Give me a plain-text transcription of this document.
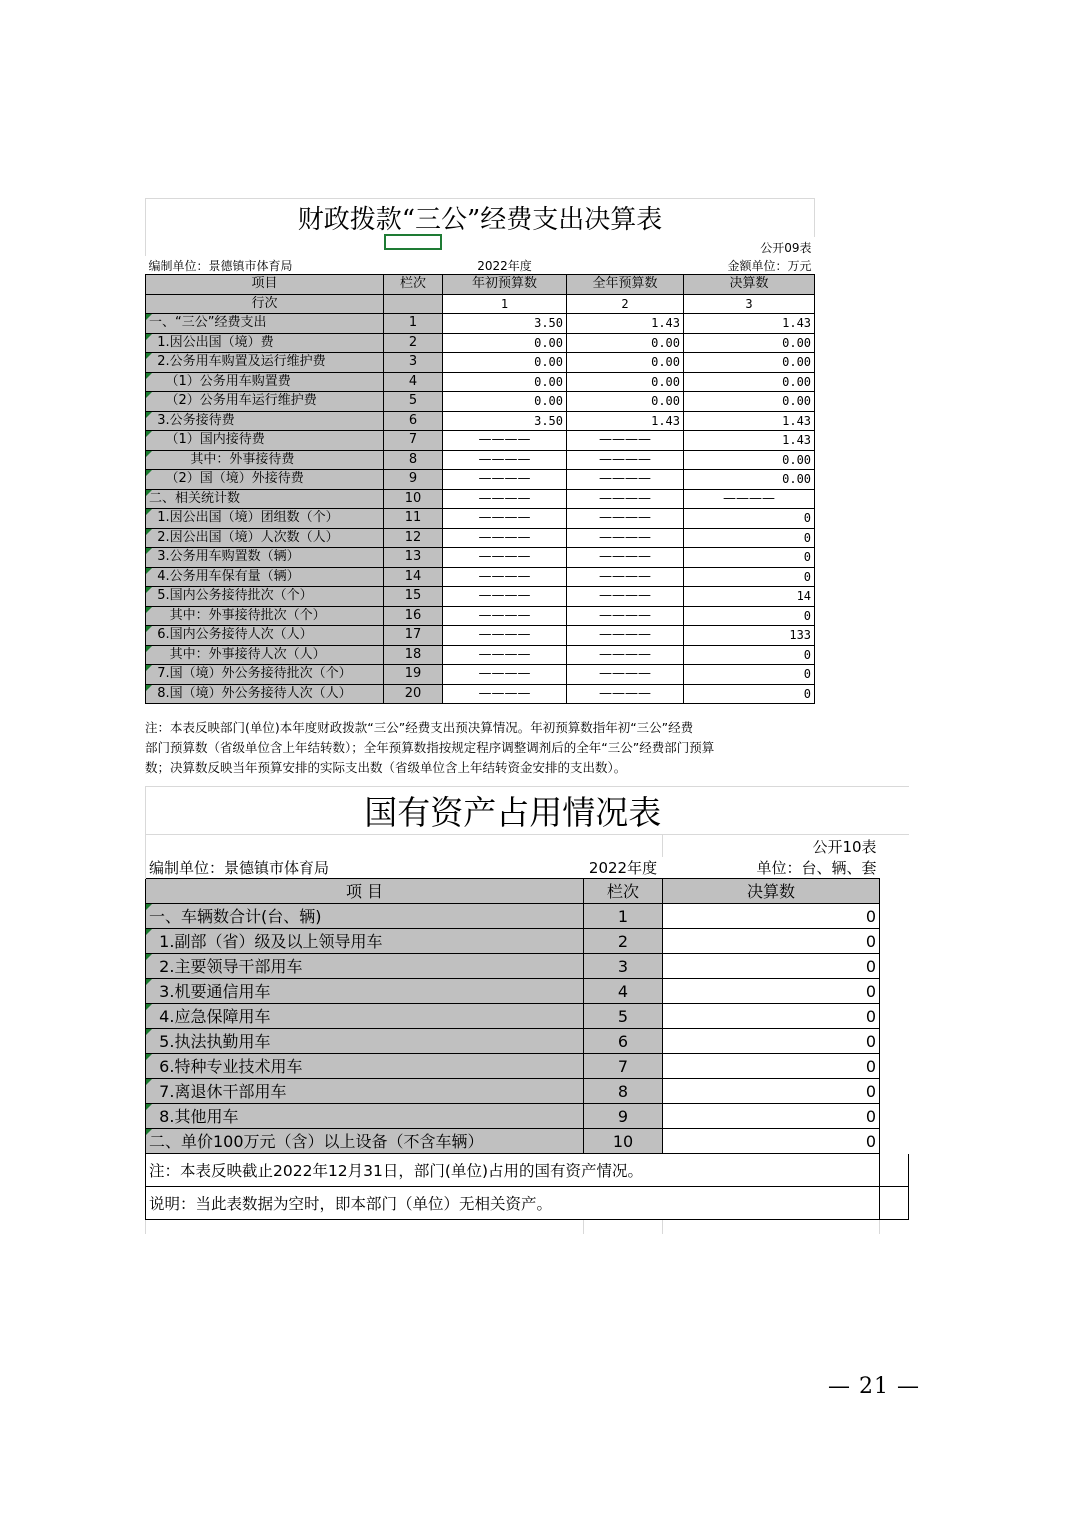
财政拨款“三公”经费支出决算表				
				公开09表
编制单位：景德镇市体育局		2022年度		金额单位：万元
项目	栏次	年初预算数	全年预算数	决算数
行次		1	2	3
一、“三公”经费支出	1	3.50	1.43	1.43
1.因公出国（境）费	2	0.00	0.00	0.00
2.公务用车购置及运行维护费	3	0.00	0.00	0.00
（1）公务用车购置费	4	0.00	0.00	0.00
（2）公务用车运行维护费	5	0.00	0.00	0.00
3.公务接待费	6	3.50	1.43	1.43
（1）国内接待费	7	————	————	1.43
其中：外事接待费	8	————	————	0.00
（2）国（境）外接待费	9	————	————	0.00
二、相关统计数	10	————	————	————
1.因公出国（境）团组数（个）	11	————	————	0
2.因公出国（境）人次数（人）	12	————	————	0
3.公务用车购置数（辆）	13	————	————	0
4.公务用车保有量（辆）	14	————	————	0
5.国内公务接待批次（个）	15	————	————	14
其中：外事接待批次（个）	16	————	————	0
6.国内公务接待人次（人）	17	————	————	133
其中：外事接待人次（人）	18	————	————	0
7.国（境）外公务接待批次（个）	19	————	————	0
8.国（境）外公务接待人次（人）	20	————	————	0
注：本表反映部门(单位)本年度财政拨款“三公”经费支出预决算情况。年初预算数指年初“三公”经费
部门预算数（省级单位含上年结转数）；全年预算数指按规定程序调整调剂后的全年“三公”经费部门预算
数；决算数反映当年预算安排的实际支出数（省级单位含上年结转资金安排的支出数）。
国有资产占用情况表			
		公开10表	
编制单位：景德镇市体育局	2022年度	单位：台、辆、套	
项 目	栏次	决算数	
一、车辆数合计(台、辆)	1	0	
1.副部（省）级及以上领导用车	2	0	
2.主要领导干部用车	3	0	
3.机要通信用车	4	0	
4.应急保障用车	5	0	
5.执法执勤用车	6	0	
6.特种专业技术用车	7	0	
7.离退休干部用车	8	0	
8.其他用车	9	0	
二、单价100万元（含）以上设备（不含车辆）	10	0	
注：本表反映截止2022年12月31日，部门(单位)占用的国有资产情况。			
说明：当此表数据为空时，即本部门（单位）无相关资产。			

— 21 —
